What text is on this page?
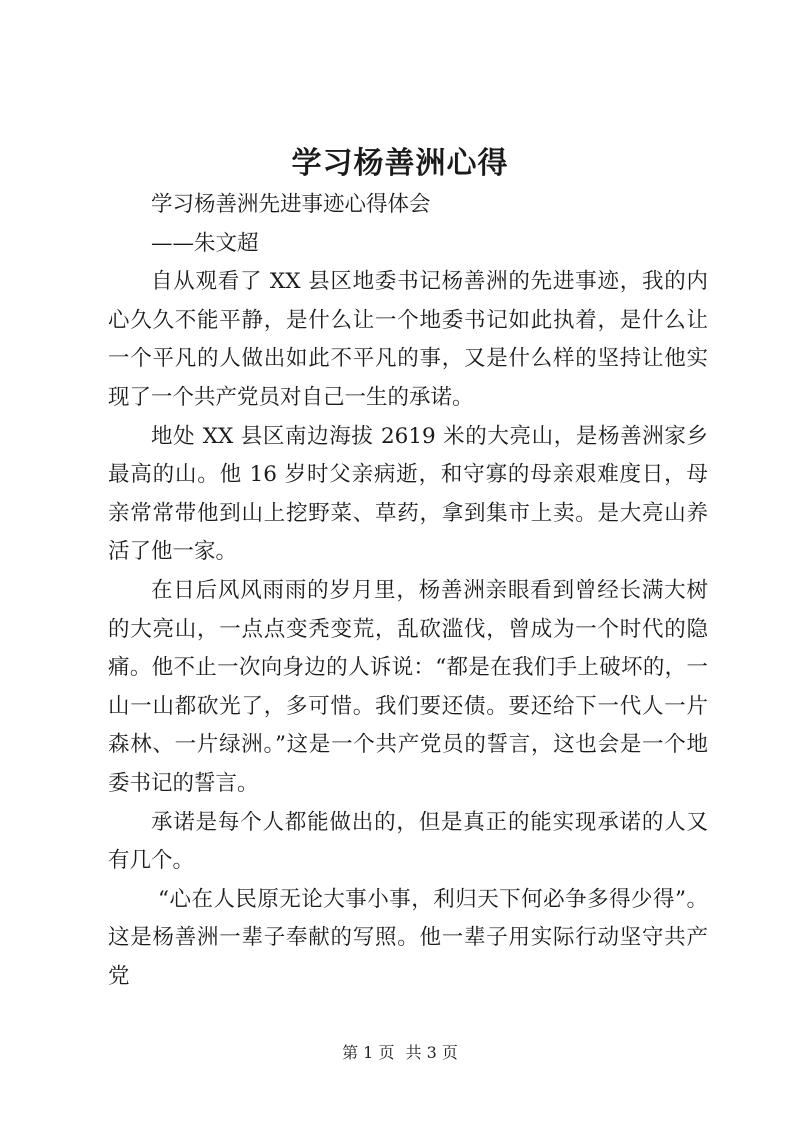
学习杨善洲心得

学习杨善洲先进事迹心得体会

——朱文超

自从观看了 XX 县区地委书记杨善洲的先进事迹，我的内心久久不能平静，是什么让一个地委书记如此执着，是什么让一个平凡的人做出如此不平凡的事，又是什么样的坚持让他实现了一个共产党员对自己一生的承诺。

地处 XX 县区南边海拔 2619 米的大亮山，是杨善洲家乡最高的山。他 16 岁时父亲病逝，和守寡的母亲艰难度日，母亲常常带他到山上挖野菜、草药，拿到集市上卖。是大亮山养活了他一家。

在日后风风雨雨的岁月里，杨善洲亲眼看到曾经长满大树的大亮山，一点点变秃变荒，乱砍滥伐，曾成为一个时代的隐痛。他不止一次向身边的人诉说：“都是在我们手上破坏的，一山一山都砍光了，多可惜。我们要还债。要还给下一代人一片森林、一片绿洲。”这是一个共产党员的誓言，这也会是一个地委书记的誓言。

承诺是每个人都能做出的，但是真正的能实现承诺的人又有几个。

“心在人民原无论大事小事，利归天下何必争多得少得”。这是杨善洲一辈子奉献的写照。他一辈子用实际行动坚守共产党

第 1 页 共 3 页
